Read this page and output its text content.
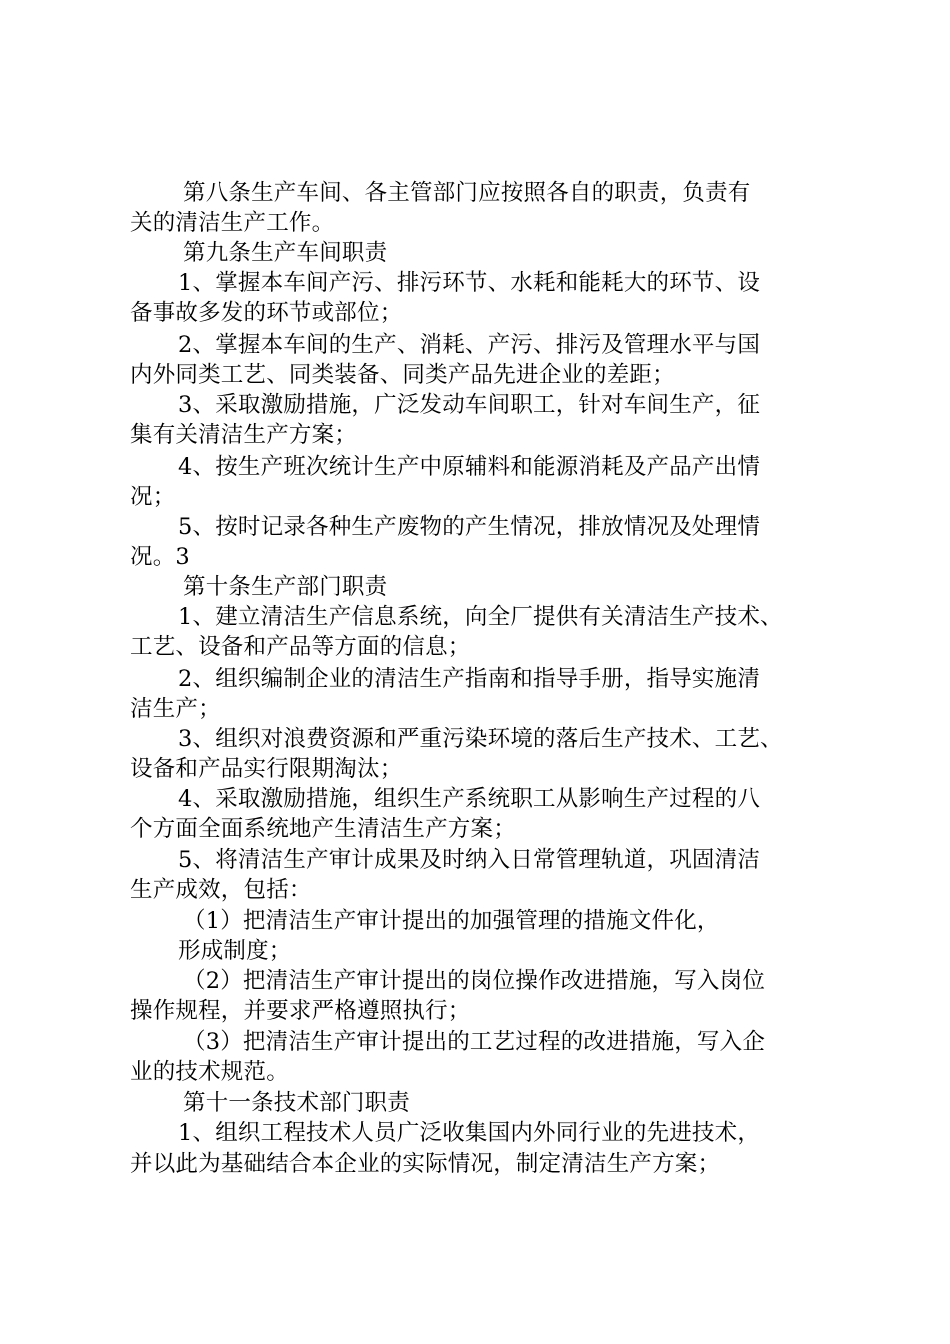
第八条生产车间、各主管部门应按照各自的职责，负责有
关的清洁生产工作。
第九条生产车间职责
1、掌握本车间产污、排污环节、水耗和能耗大的环节、设
备事故多发的环节或部位；
2、掌握本车间的生产、消耗、产污、排污及管理水平与国
内外同类工艺、同类装备、同类产品先进企业的差距；
3、采取激励措施，广泛发动车间职工，针对车间生产，征
集有关清洁生产方案；
4、按生产班次统计生产中原辅料和能源消耗及产品产出情
况；
5、按时记录各种生产废物的产生情况，排放情况及处理情
况。3
第十条生产部门职责
1、建立清洁生产信息系统，向全厂提供有关清洁生产技术、
工艺、设备和产品等方面的信息；
2、组织编制企业的清洁生产指南和指导手册，指导实施清
洁生产；
3、组织对浪费资源和严重污染环境的落后生产技术、工艺、
设备和产品实行限期淘汰；
4、采取激励措施，组织生产系统职工从影响生产过程的八
个方面全面系统地产生清洁生产方案；
5、将清洁生产审计成果及时纳入日常管理轨道，巩固清洁
生产成效，包括：
（1）把清洁生产审计提出的加强管理的措施文件化，
形成制度；
（2）把清洁生产审计提出的岗位操作改进措施，写入岗位
操作规程，并要求严格遵照执行；
（3）把清洁生产审计提出的工艺过程的改进措施，写入企
业的技术规范。
第十一条技术部门职责
1、组织工程技术人员广泛收集国内外同行业的先进技术，
并以此为基础结合本企业的实际情况，制定清洁生产方案；
